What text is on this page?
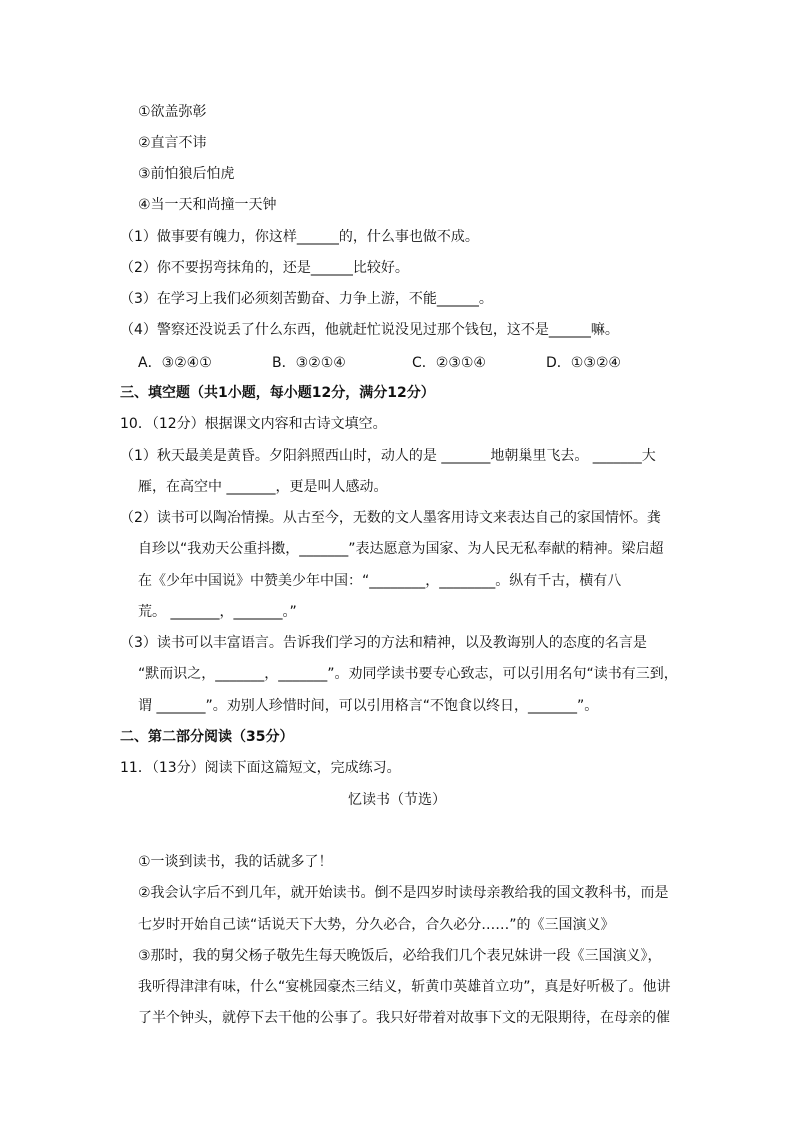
①欲盖弥彰
②直言不讳
③前怕狼后怕虎
④当一天和尚撞一天钟
（1）做事要有魄力，你这样______的，什么事也做不成。
（2）你不要拐弯抹角的，还是______比较好。
（3）在学习上我们必须刻苦勤奋、力争上游，不能______。
（4）警察还没说丢了什么东西，他就赶忙说没见过那个钱包，这不是______嘛。
A．③②④①	B．③②①④	C．②③①④	D．①③②④
三、填空题（共1小题，每小题12分，满分12分）
10．（12分）根据课文内容和古诗文填空。
（1）秋天最美是黄昏。夕阳斜照西山时，动人的是 _______地朝巢里飞去。 _______大
雁，在高空中 _______，更是叫人感动。
（2）读书可以陶冶情操。从古至今，无数的文人墨客用诗文来表达自己的家国情怀。龚
自珍以“我劝天公重抖擞，_______”表达愿意为国家、为人民无私奉献的精神。梁启超
在《少年中国说》中赞美少年中国：“________，________。纵有千古，横有八
荒。 _______，_______。”
（3）读书可以丰富语言。告诉我们学习的方法和精神，以及教诲别人的态度的名言是
“默而识之，_______，_______”。劝同学读书要专心致志，可以引用名句“读书有三到，
谓 _______”。劝别人珍惜时间，可以引用格言“不饱食以终日，_______”。
二、第二部分阅读（35分）
11．（13分）阅读下面这篇短文，完成练习。
忆读书（节选）
①一谈到读书，我的话就多了！
②我会认字后不到几年，就开始读书。倒不是四岁时读母亲教给我的国文教科书，而是
七岁时开始自己读“话说天下大势，分久必合，合久必分……”的《三国演义》
③那时，我的舅父杨子敬先生每天晚饭后，必给我们几个表兄妹讲一段《三国演义》，
我听得津津有味，什么“宴桃园豪杰三结义，斩黄巾英雄首立功”，真是好听极了。他讲
了半个钟头，就停下去干他的公事了。我只好带着对故事下文的无限期待，在母亲的催
